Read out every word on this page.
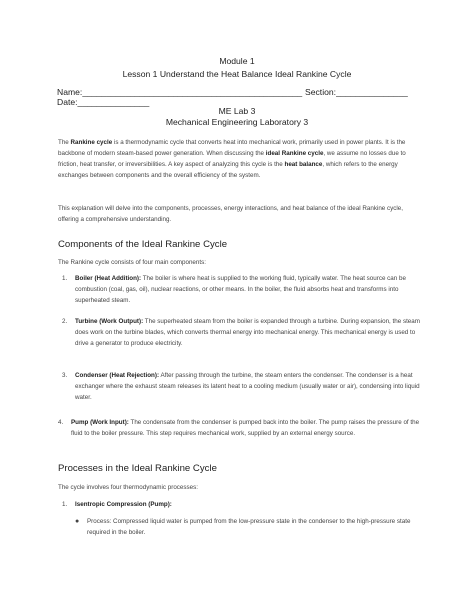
Module 1
Lesson 1 Understand the Heat Balance Ideal Rankine Cycle
Name:______________________________________________ Section:_______________
Date:_______________
ME Lab 3
Mechanical Engineering Laboratory 3
The Rankine cycle is a thermodynamic cycle that converts heat into mechanical work, primarily used in power plants. It is the backbone of modern steam-based power generation. When discussing the ideal Rankine cycle, we assume no losses due to friction, heat transfer, or irreversibilities. A key aspect of analyzing this cycle is the heat balance, which refers to the energy exchanges between components and the overall efficiency of the system.
This explanation will delve into the components, processes, energy interactions, and heat balance of the ideal Rankine cycle, offering a comprehensive understanding.
Components of the Ideal Rankine Cycle
The Rankine cycle consists of four main components:
1. Boiler (Heat Addition): The boiler is where heat is supplied to the working fluid, typically water. The heat source can be combustion (coal, gas, oil), nuclear reactions, or other means. In the boiler, the fluid absorbs heat and transforms into superheated steam.
2. Turbine (Work Output): The superheated steam from the boiler is expanded through a turbine. During expansion, the steam does work on the turbine blades, which converts thermal energy into mechanical energy. This mechanical energy is used to drive a generator to produce electricity.
3. Condenser (Heat Rejection): After passing through the turbine, the steam enters the condenser. The condenser is a heat exchanger where the exhaust steam releases its latent heat to a cooling medium (usually water or air), condensing into liquid water.
4. Pump (Work Input): The condensate from the condenser is pumped back into the boiler. The pump raises the pressure of the fluid to the boiler pressure. This step requires mechanical work, supplied by an external energy source.
Processes in the Ideal Rankine Cycle
The cycle involves four thermodynamic processes:
1. Isentropic Compression (Pump):
● Process: Compressed liquid water is pumped from the low-pressure state in the condenser to the high-pressure state required in the boiler.
